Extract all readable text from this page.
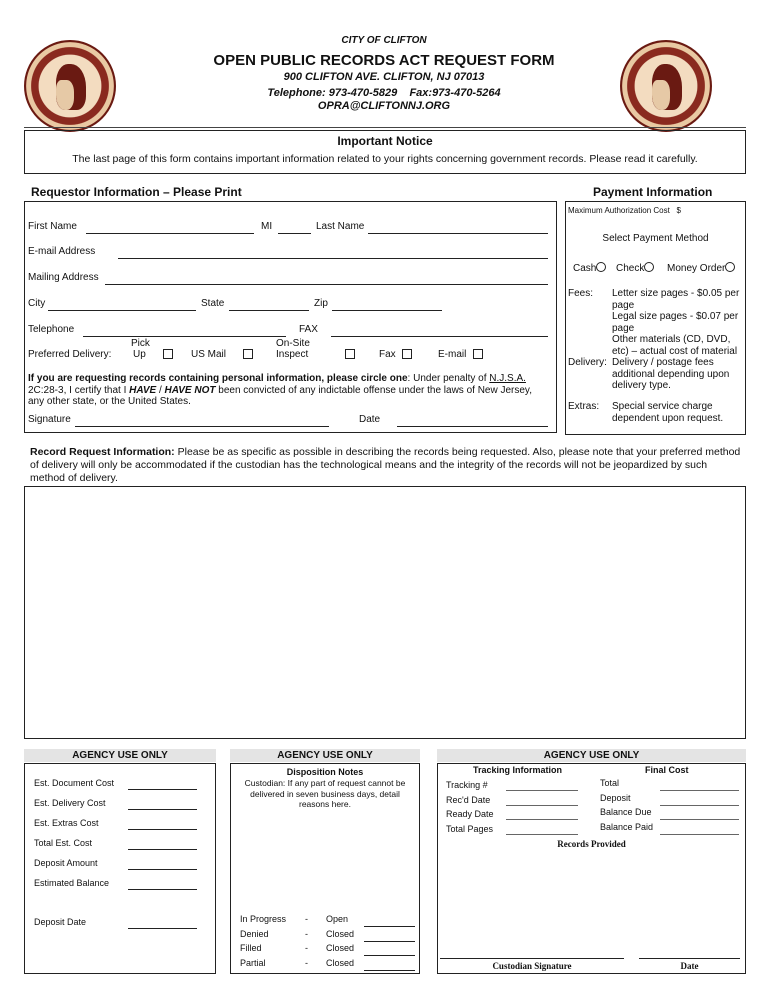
CITY OF CLIFTON
OPEN PUBLIC RECORDS ACT REQUEST FORM
900 CLIFTON AVE. CLIFTON, NJ 07013
Telephone: 973-470-5829    Fax:973-470-5264
OPRA@CLIFTONNJ.ORG
Important Notice
The last page of this form contains important information related to your rights concerning government records. Please read it carefully.
Requestor Information – Please Print	Payment Information
First Name	MI	Last Name
E-mail Address
Mailing Address
City	State	Zip
Telephone	FAX
Preferred Delivery:
Pick
Up	US Mail
On-Site
Inspect	Fax	E-mail
If you are requesting records containing personal information, please circle one: Under penalty of N.J.S.A. 2C:28-3, I certify that I HAVE / HAVE NOT been convicted of any indictable offense under the laws of New Jersey, any other state, or the United States.
Signature	Date
Maximum Authorization Cost   $
Select Payment Method
Cash	Check	Money Order
Fees: Letter size pages - $0.05 per page
Legal size pages - $0.07 per page
Other materials (CD, DVD, etc) – actual cost of material
Delivery: Delivery / postage fees additional depending upon delivery type.
Extras: Special service charge dependent upon request.
Record Request Information: Please be as specific as possible in describing the records being requested. Also, please note that your preferred method of delivery will only be accommodated if the custodian has the technological means and the integrity of the records will not be jeopardized by such method of delivery.
AGENCY USE ONLY
Est. Document Cost
Est. Delivery Cost
Est. Extras Cost
Total Est. Cost
Deposit Amount
Estimated Balance
Deposit Date
AGENCY USE ONLY
Disposition Notes
Custodian: If any part of request cannot be delivered in seven business days, detail reasons here.
In Progress - Open
Denied	- Closed
Filled	- Closed
Partial	- Closed
AGENCY USE ONLY
Tracking Information	Final Cost
Tracking #
Rec'd Date
Ready Date
Total Pages
Total
Deposit
Balance Due
Balance Paid
Records Provided
Custodian Signature	Date
